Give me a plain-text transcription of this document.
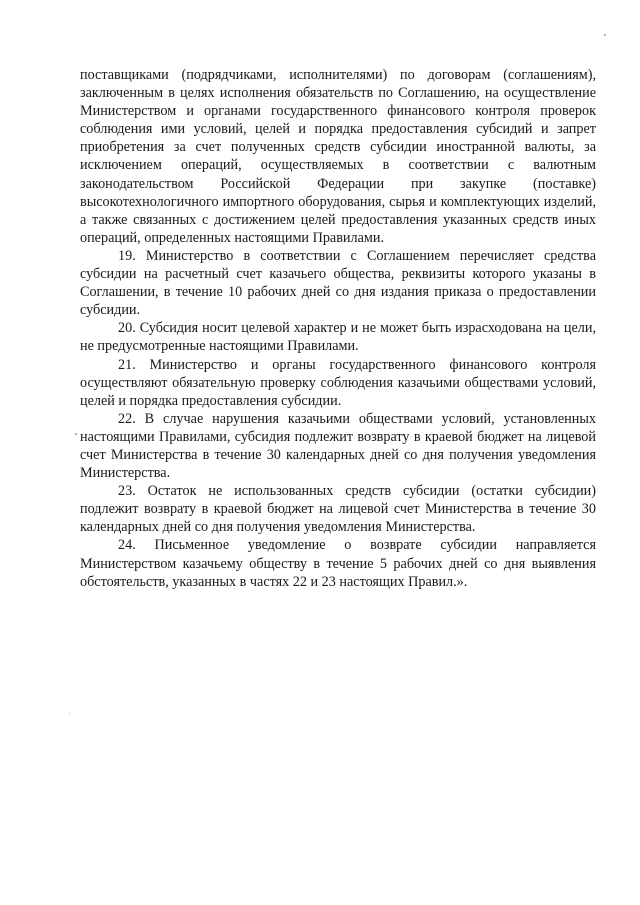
поставщиками (подрядчиками, исполнителями) по договорам (соглашениям), заключенным в целях исполнения обязательств по Соглашению, на осуществление Министерством и органами государственного финансового контроля проверок соблюдения ими условий, целей и порядка предоставления субсидий и запрет приобретения за счет полученных средств субсидии иностранной валюты, за исключением операций, осуществляемых в соответствии с валютным законодательством Российской Федерации при закупке (поставке) высокотехнологичного импортного оборудования, сырья и комплектующих изделий, а также связанных с достижением целей предоставления указанных средств иных операций, определенных настоящими Правилами.

19. Министерство в соответствии с Соглашением перечисляет средства субсидии на расчетный счет казачьего общества, реквизиты которого указаны в Соглашении, в течение 10 рабочих дней со дня издания приказа о предоставлении субсидии.

20. Субсидия носит целевой характер и не может быть израсходована на цели, не предусмотренные настоящими Правилами.

21. Министерство и органы государственного финансового контроля осуществляют обязательную проверку соблюдения казачьими обществами условий, целей и порядка предоставления субсидии.

22. В случае нарушения казачьими обществами условий, установленных настоящими Правилами, субсидия подлежит возврату в краевой бюджет на лицевой счет Министерства в течение 30 календарных дней со дня получения уведомления Министерства.

23. Остаток не использованных средств субсидии (остатки субсидии) подлежит возврату в краевой бюджет на лицевой счет Министерства в течение 30 календарных дней со дня получения уведомления Министерства.

24. Письменное уведомление о возврате субсидии направляется Министерством казачьему обществу в течение 5 рабочих дней со дня выявления обстоятельств, указанных в частях 22 и 23 настоящих Правил.».
